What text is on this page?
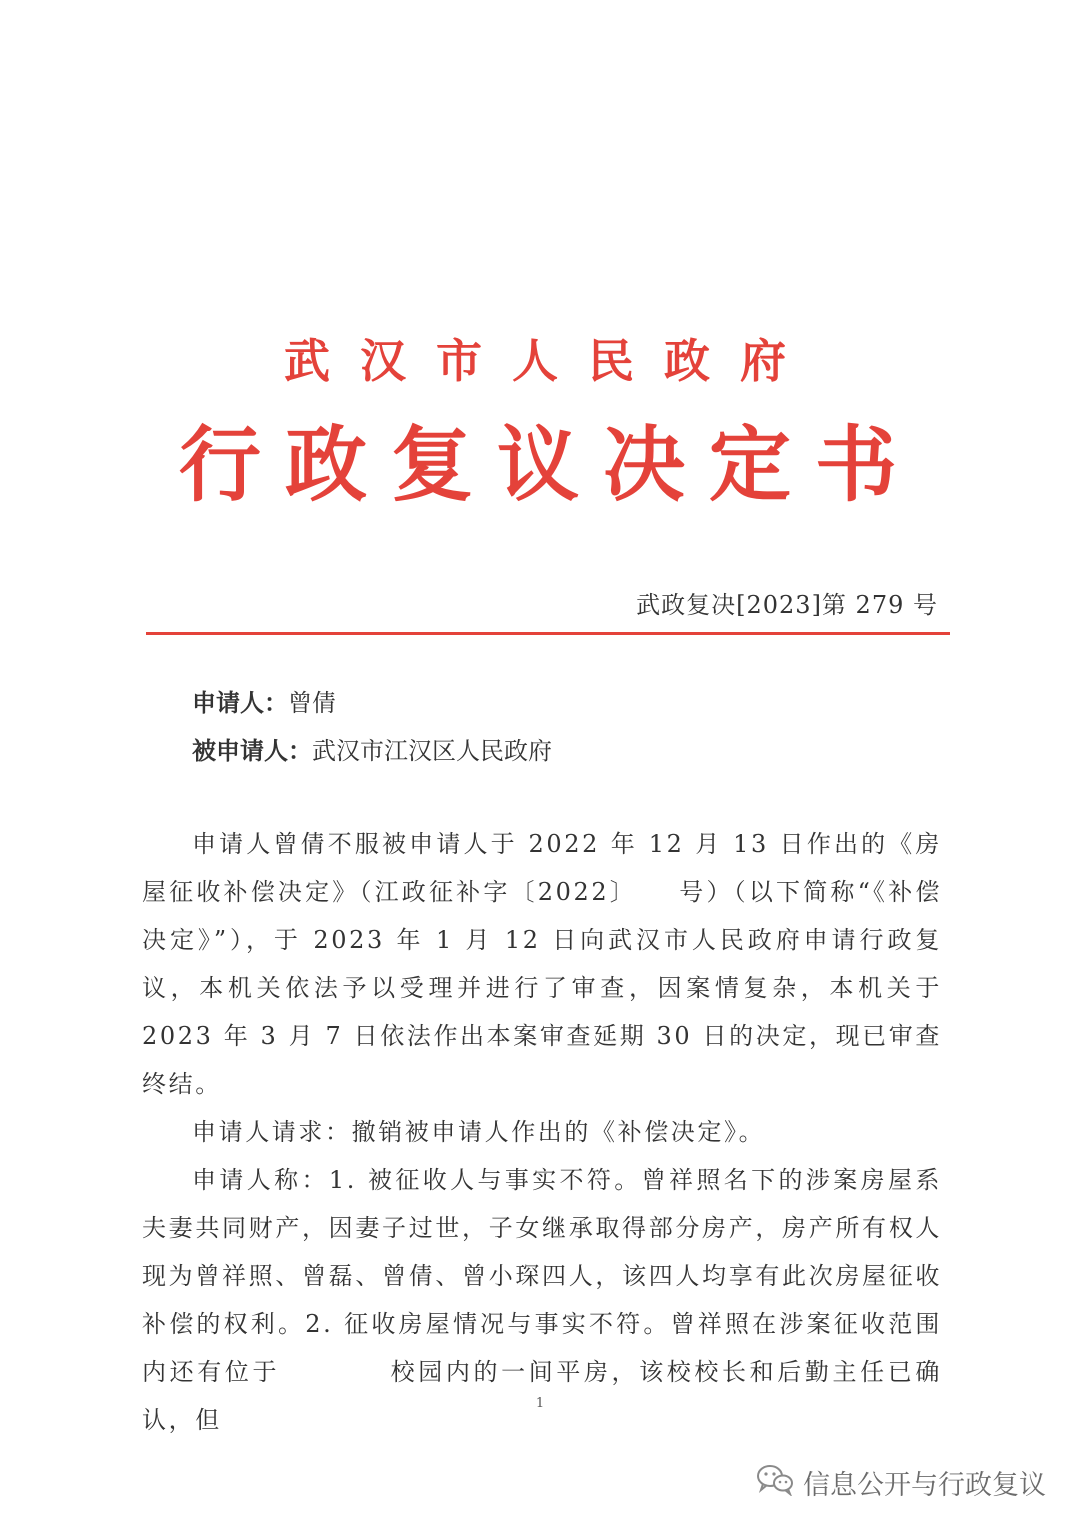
武汉市人民政府
行政复议决定书
武政复决[2023]第 279 号
申请人：曾倩
被申请人：武汉市江汉区人民政府

申请人曾倩不服被申请人于 2022 年 12 月 13 日作出的《房屋征收补偿决定》（江政征补字〔2022〕　　号）（以下简称“《补偿决定》”），于 2023 年 1 月 12 日向武汉市人民政府申请行政复议，本机关依法予以受理并进行了审查，因案情复杂，本机关于 2023 年 3 月 7 日依法作出本案审查延期 30 日的决定，现已审查终结。

申请人请求：撤销被申请人作出的《补偿决定》。

申请人称：1. 被征收人与事实不符。曾祥照名下的涉案房屋系夫妻共同财产，因妻子过世，子女继承取得部分房产，房产所有权人现为曾祥照、曾磊、曾倩、曾小琛四人，该四人均享有此次房屋征收补偿的权利。2. 征收房屋情况与事实不符。曾祥照在涉案征收范围内还有位于　　　　校园内的一间平房，该校校长和后勤主任已确认，但

1
信息公开与行政复议
